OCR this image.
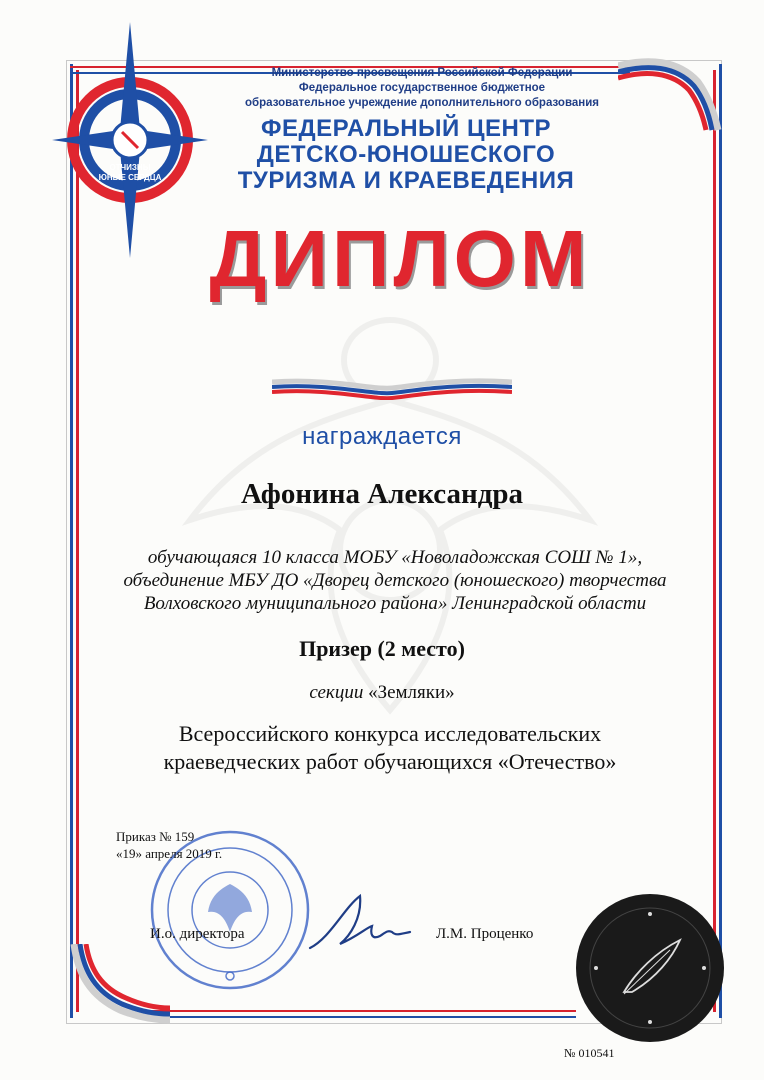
ОТЧИЗНЫ
ЮНЫЕ СЕРДЦА
Министерство просвещения Российской Федерации
Федеральное государственное бюджетное
образовательное учреждение дополнительного образования
ФЕДЕРАЛЬНЫЙ ЦЕНТР
ДЕТСКО-ЮНОШЕСКОГО
ТУРИЗМА И КРАЕВЕДЕНИЯ
ДИПЛОМ
награждается
Афонина Александра
обучающаяся 10 класса МОБУ «Новоладожская СОШ № 1»,
объединение МБУ ДО «Дворец детского (юношеского) творчества
Волховского муниципального района» Ленинградской области
Призер (2 место)
секции «Земляки»
Всероссийского конкурса исследовательских
краеведческих работ обучающихся «Отечество»
Приказ № 159
«19» апреля 2019 г.
И.о. директора	Л.М. Проценко
№ 010541
